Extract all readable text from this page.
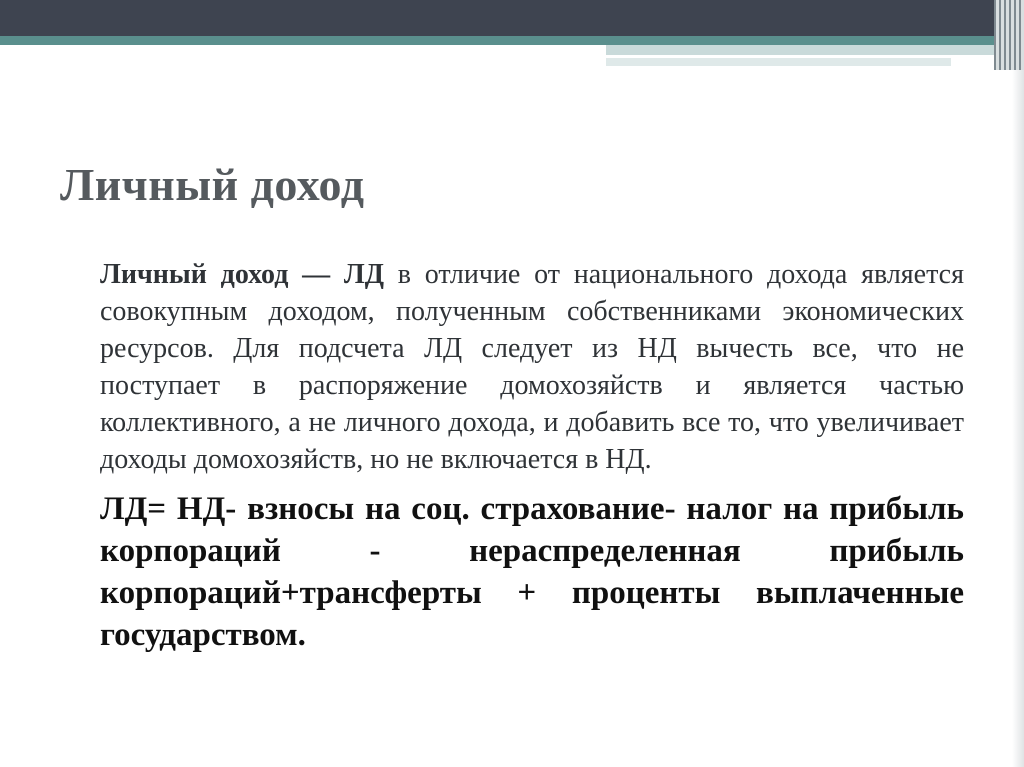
Личный доход

Личный доход — ЛД в отличие от национального дохода является совокупным доходом, полученным собственниками экономических ресурсов. Для подсчета ЛД следует из НД вычесть все, что не поступает в распоряжение домохозяйств и является частью коллективного, а не личного дохода, и добавить все то, что увеличивает доходы домохозяйств, но не включается в НД.

ЛД= НД- взносы на соц. страхование- налог на прибыль корпораций - нераспределенная прибыль корпораций+трансферты + проценты выплаченные государством.
